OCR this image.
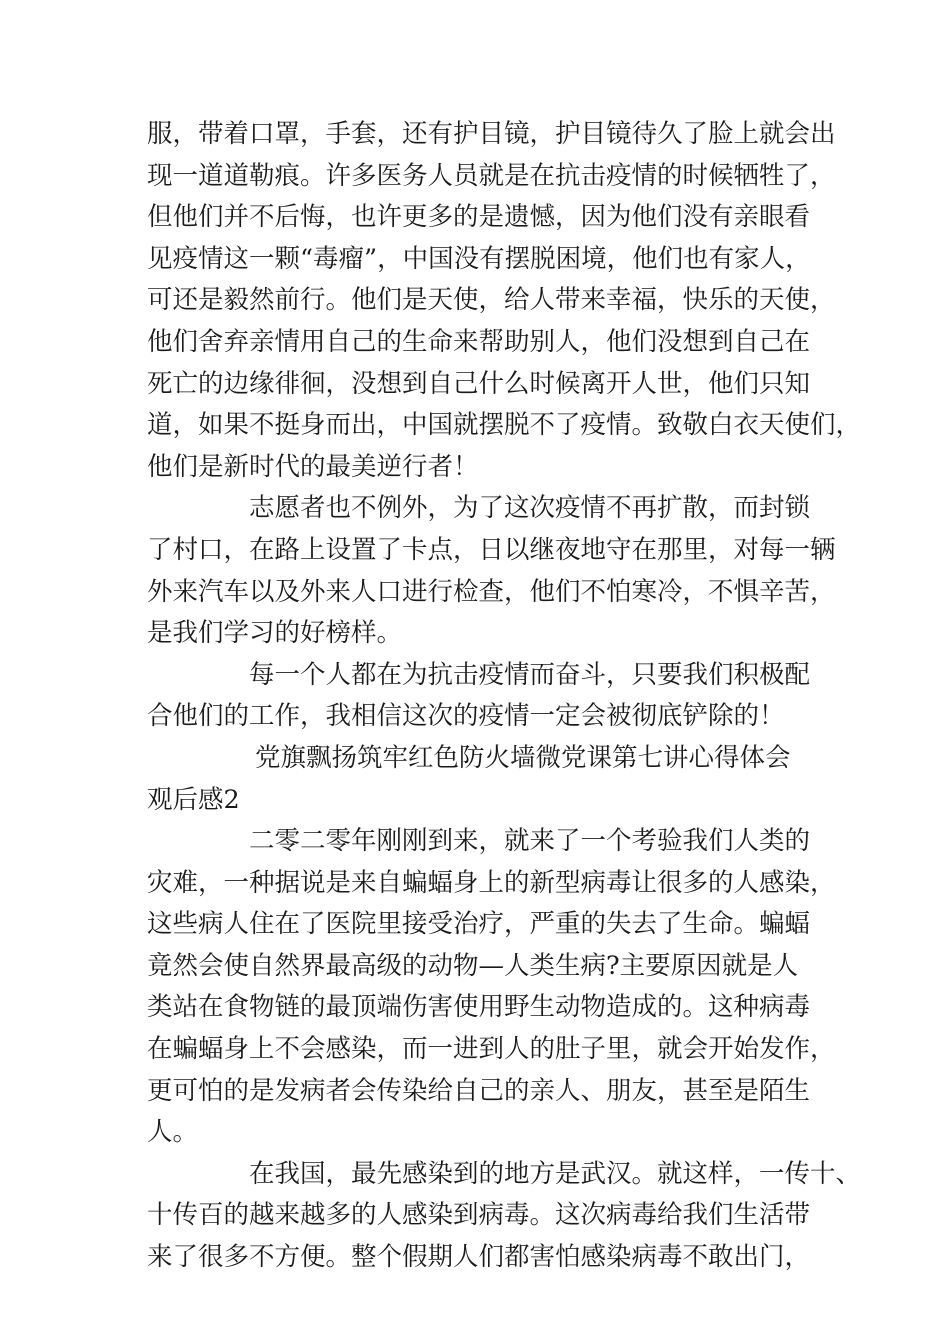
服，带着口罩，手套，还有护目镜，护目镜待久了脸上就会出
现一道道勒痕。许多医务人员就是在抗击疫情的时候牺牲了，
但他们并不后悔，也许更多的是遗憾，因为他们没有亲眼看
见疫情这一颗“毒瘤”，中国没有摆脱困境，他们也有家人，
可还是毅然前行。他们是天使，给人带来幸福，快乐的天使，
他们舍弃亲情用自己的生命来帮助别人，他们没想到自己在
死亡的边缘徘徊，没想到自己什么时候离开人世，他们只知
道，如果不挺身而出，中国就摆脱不了疫情。致敬白衣天使们，
他们是新时代的最美逆行者！
志愿者也不例外，为了这次疫情不再扩散，而封锁
了村口，在路上设置了卡点，日以继夜地守在那里，对每一辆
外来汽车以及外来人口进行检查，他们不怕寒冷，不惧辛苦，
是我们学习的好榜样。
每一个人都在为抗击疫情而奋斗，只要我们积极配
合他们的工作，我相信这次的疫情一定会被彻底铲除的！
党旗飘扬筑牢红色防火墙微党课第七讲心得体会
观后感2
二零二零年刚刚到来，就来了一个考验我们人类的
灾难，一种据说是来自蝙蝠身上的新型病毒让很多的人感染，
这些病人住在了医院里接受治疗，严重的失去了生命。蝙蝠
竟然会使自然界最高级的动物—人类生病?主要原因就是人
类站在食物链的最顶端伤害使用野生动物造成的。这种病毒
在蝙蝠身上不会感染，而一进到人的肚子里，就会开始发作，
更可怕的是发病者会传染给自己的亲人、朋友，甚至是陌生
人。
在我国，最先感染到的地方是武汉。就这样，一传十、
十传百的越来越多的人感染到病毒。这次病毒给我们生活带
来了很多不方便。整个假期人们都害怕感染病毒不敢出门，
